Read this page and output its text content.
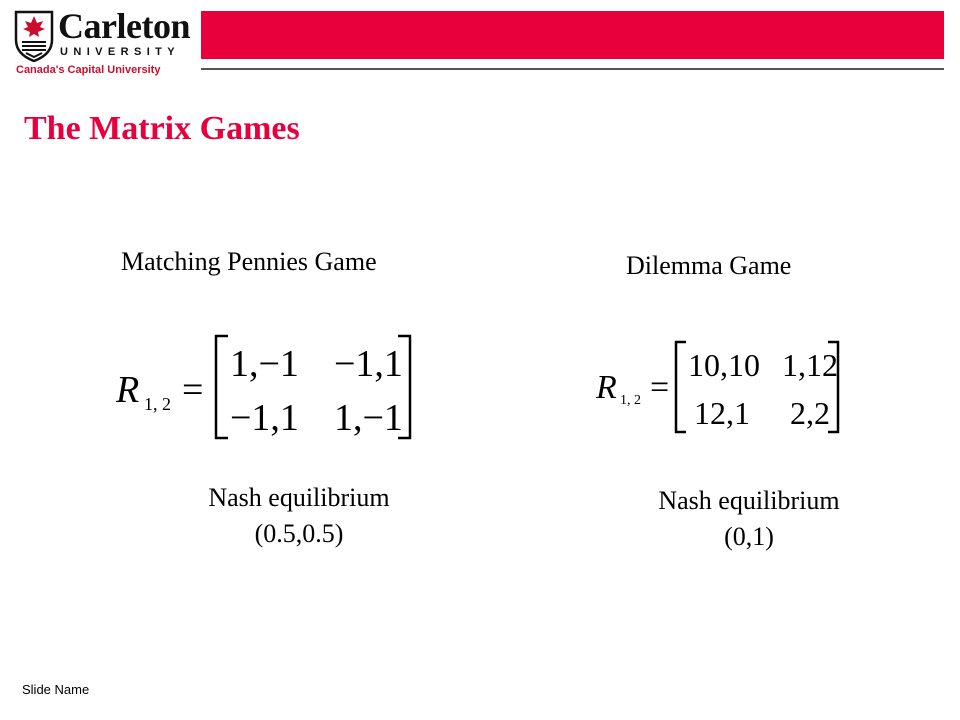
Carleton
UNIVERSITY
Canada's Capital University
The Matrix Games
Matching Pennies Game
R 1, 2 =
1,−1 −1,1
−1,1 1,−1
Nash equilibrium
(0.5,0.5)
Dilemma Game
R 1, 2 =
10,10 1,12
12,1 2,2
Nash equilibrium
(0,1)
Slide Name
